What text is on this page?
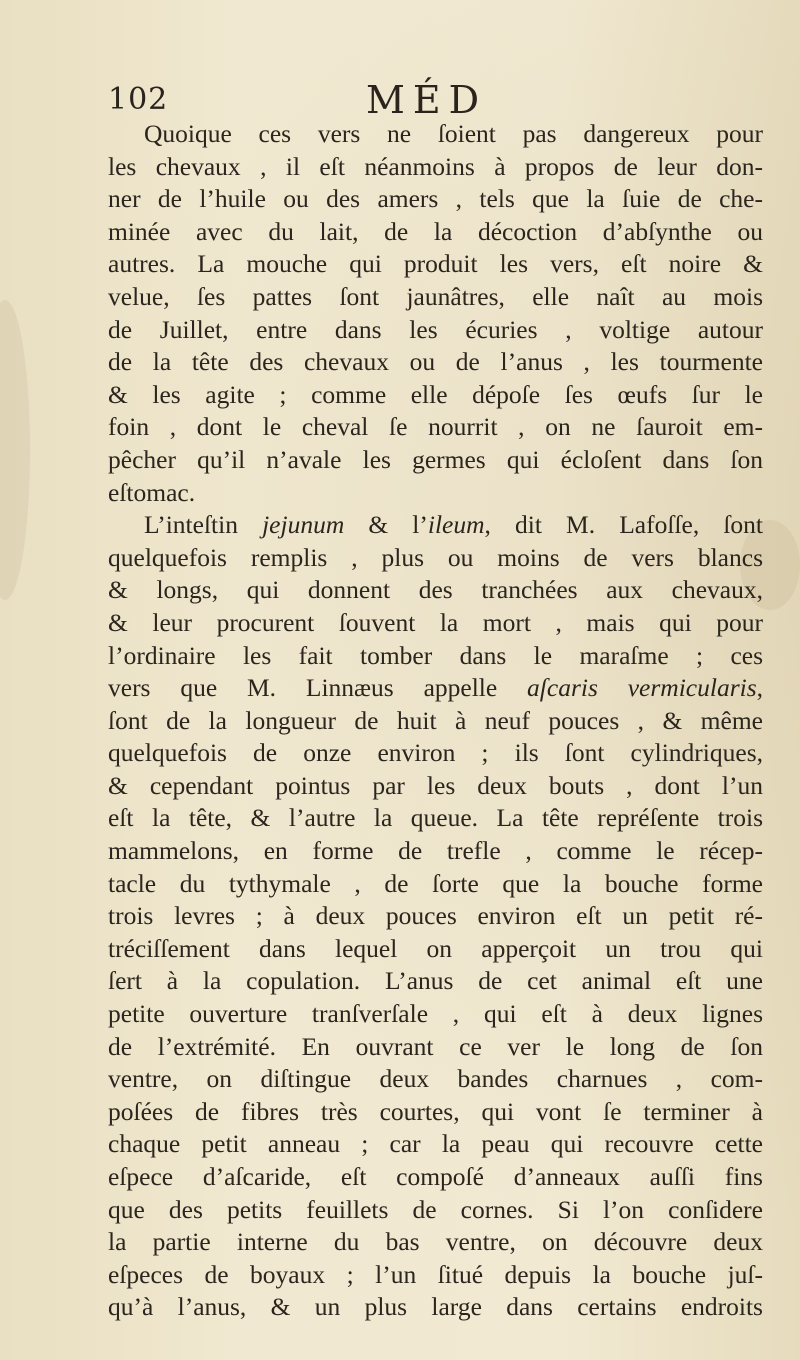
102	MÉD
Quoique ces vers ne ſoient pas dangereux pour
les chevaux , il eſt néanmoins à propos de leur don-
ner de l’huile ou des amers , tels que la ſuie de che-
minée avec du lait, de la décoction d’abſynthe ou
autres. La mouche qui produit les vers, eſt noire &
velue, ſes pattes ſont jaunâtres, elle naît au mois
de Juillet, entre dans les écuries , voltige autour
de la tête des chevaux ou de l’anus , les tourmente
& les agite ; comme elle dépoſe ſes œufs ſur le
foin , dont le cheval ſe nourrit , on ne ſauroit em-
pêcher qu’il n’avale les germes qui écloſent dans ſon
eſtomac.
L’inteſtin jejunum & l’ileum, dit M. Lafoſſe, ſont
quelquefois remplis , plus ou moins de vers blancs
& longs, qui donnent des tranchées aux chevaux,
& leur procurent ſouvent la mort , mais qui pour
l’ordinaire les fait tomber dans le maraſme ; ces
vers que M. Linnæus appelle aſcaris vermicularis,
ſont de la longueur de huit à neuf pouces , & même
quelquefois de onze environ ; ils ſont cylindriques,
& cependant pointus par les deux bouts , dont l’un
eſt la tête, & l’autre la queue. La tête repréſente trois
mammelons, en forme de trefle , comme le récep-
tacle du tythymale , de ſorte que la bouche forme
trois levres ; à deux pouces environ eſt un petit ré-
tréciſſement dans lequel on apperçoit un trou qui
ſert à la copulation. L’anus de cet animal eſt une
petite ouverture tranſverſale , qui eſt à deux lignes
de l’extrémité. En ouvrant ce ver le long de ſon
ventre, on diſtingue deux bandes charnues , com-
poſées de fibres très courtes, qui vont ſe terminer à
chaque petit anneau ; car la peau qui recouvre cette
eſpece d’aſcaride, eſt compoſé d’anneaux auſſi fins
que des petits feuillets de cornes. Si l’on conſidere
la partie interne du bas ventre, on découvre deux
eſpeces de boyaux ; l’un ſitué depuis la bouche juſ-
qu’à l’anus, & un plus large dans certains endroits
